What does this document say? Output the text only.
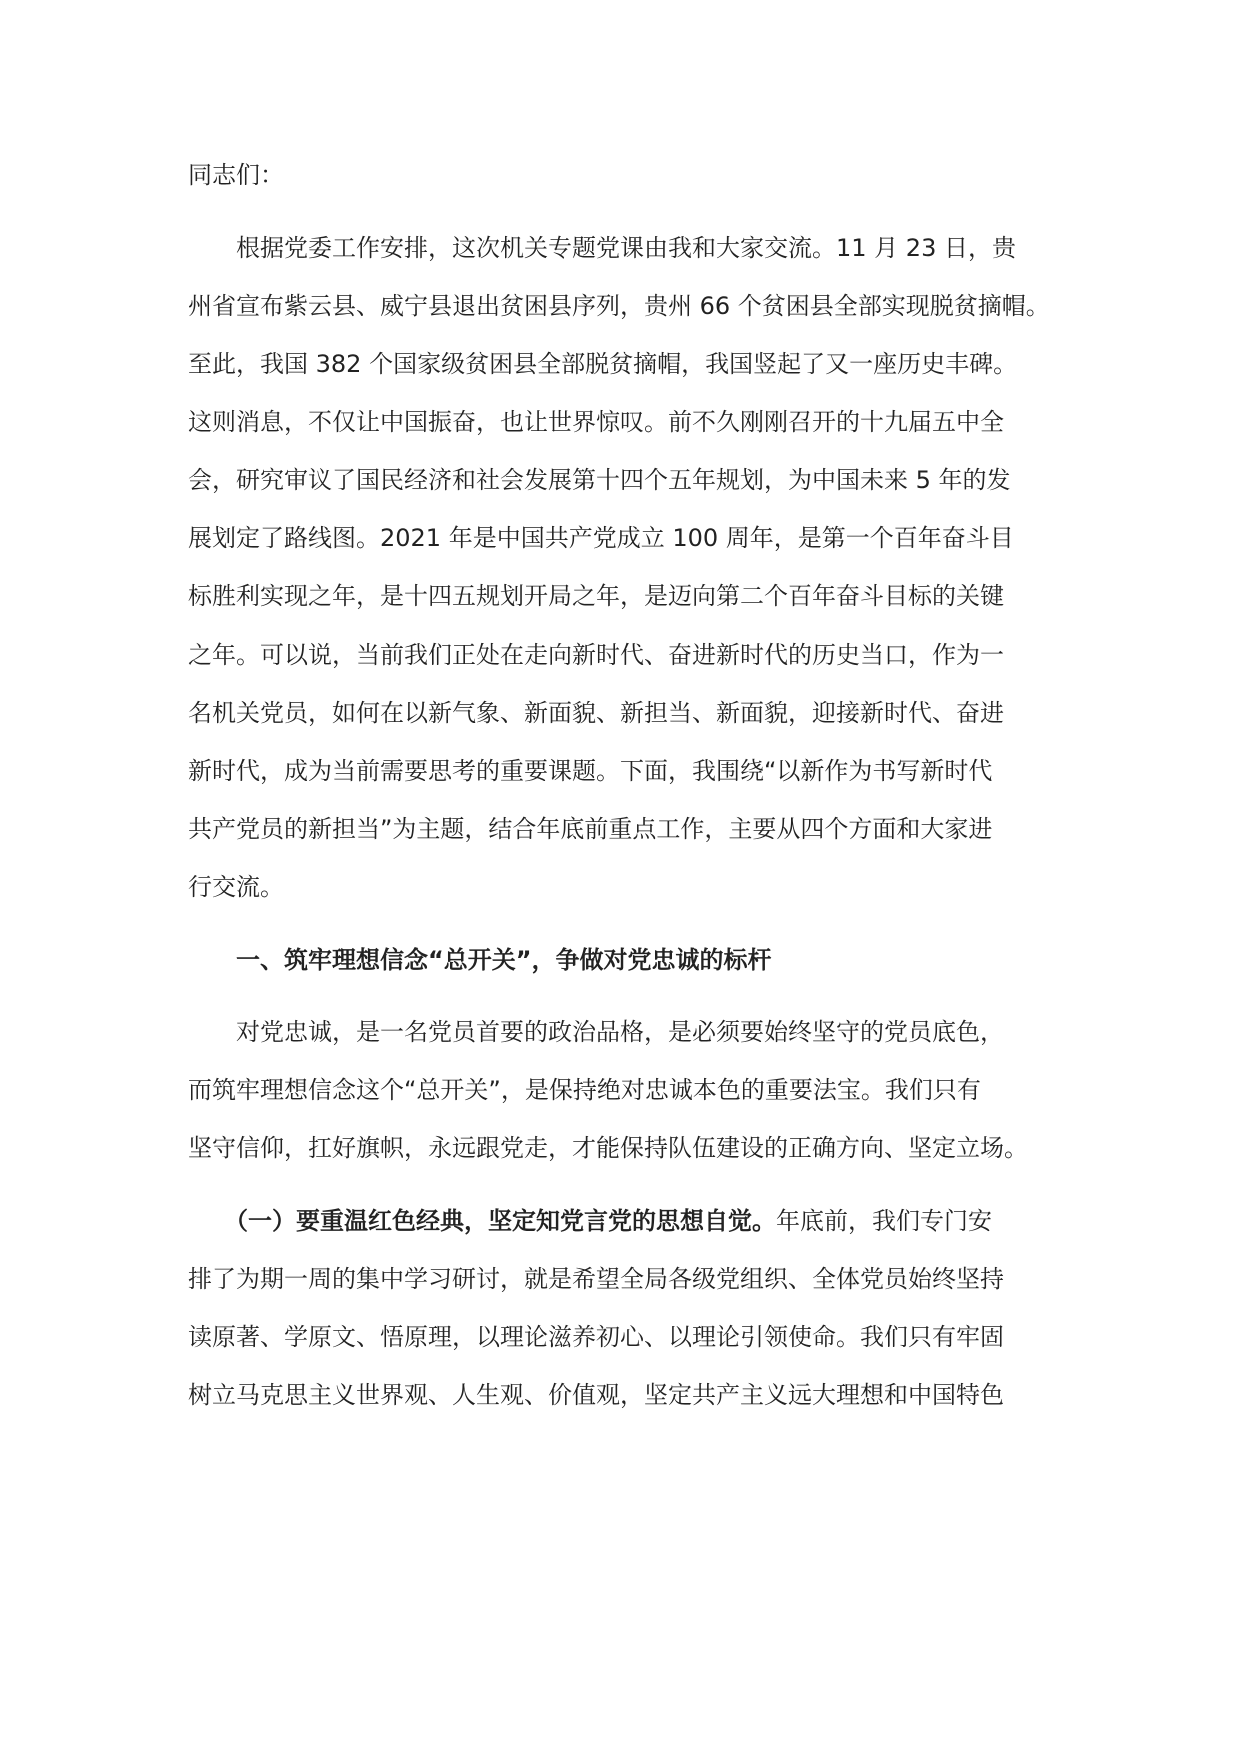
同志们：
　　根据党委工作安排，这次机关专题党课由我和大家交流。11 月 23 日，贵
州省宣布紫云县、威宁县退出贫困县序列，贵州 66 个贫困县全部实现脱贫摘帽。
至此，我国 382 个国家级贫困县全部脱贫摘帽，我国竖起了又一座历史丰碑。
这则消息，不仅让中国振奋，也让世界惊叹。前不久刚刚召开的十九届五中全
会，研究审议了国民经济和社会发展第十四个五年规划，为中国未来 5 年的发
展划定了路线图。2021 年是中国共产党成立 100 周年，是第一个百年奋斗目
标胜利实现之年，是十四五规划开局之年，是迈向第二个百年奋斗目标的关键
之年。可以说，当前我们正处在走向新时代、奋进新时代的历史当口，作为一
名机关党员，如何在以新气象、新面貌、新担当、新面貌，迎接新时代、奋进
新时代，成为当前需要思考的重要课题。下面，我围绕“以新作为书写新时代
共产党员的新担当”为主题，结合年底前重点工作，主要从四个方面和大家进
行交流。
　　一、筑牢理想信念“总开关”，争做对党忠诚的标杆
　　对党忠诚，是一名党员首要的政治品格，是必须要始终坚守的党员底色，
而筑牢理想信念这个“总开关”，是保持绝对忠诚本色的重要法宝。我们只有
坚守信仰，扛好旗帜，永远跟党走，才能保持队伍建设的正确方向、坚定立场。
　　（一）要重温红色经典，坚定知党言党的思想自觉。年底前，我们专门安
排了为期一周的集中学习研讨，就是希望全局各级党组织、全体党员始终坚持
读原著、学原文、悟原理，以理论滋养初心、以理论引领使命。我们只有牢固
树立马克思主义世界观、人生观、价值观，坚定共产主义远大理想和中国特色
